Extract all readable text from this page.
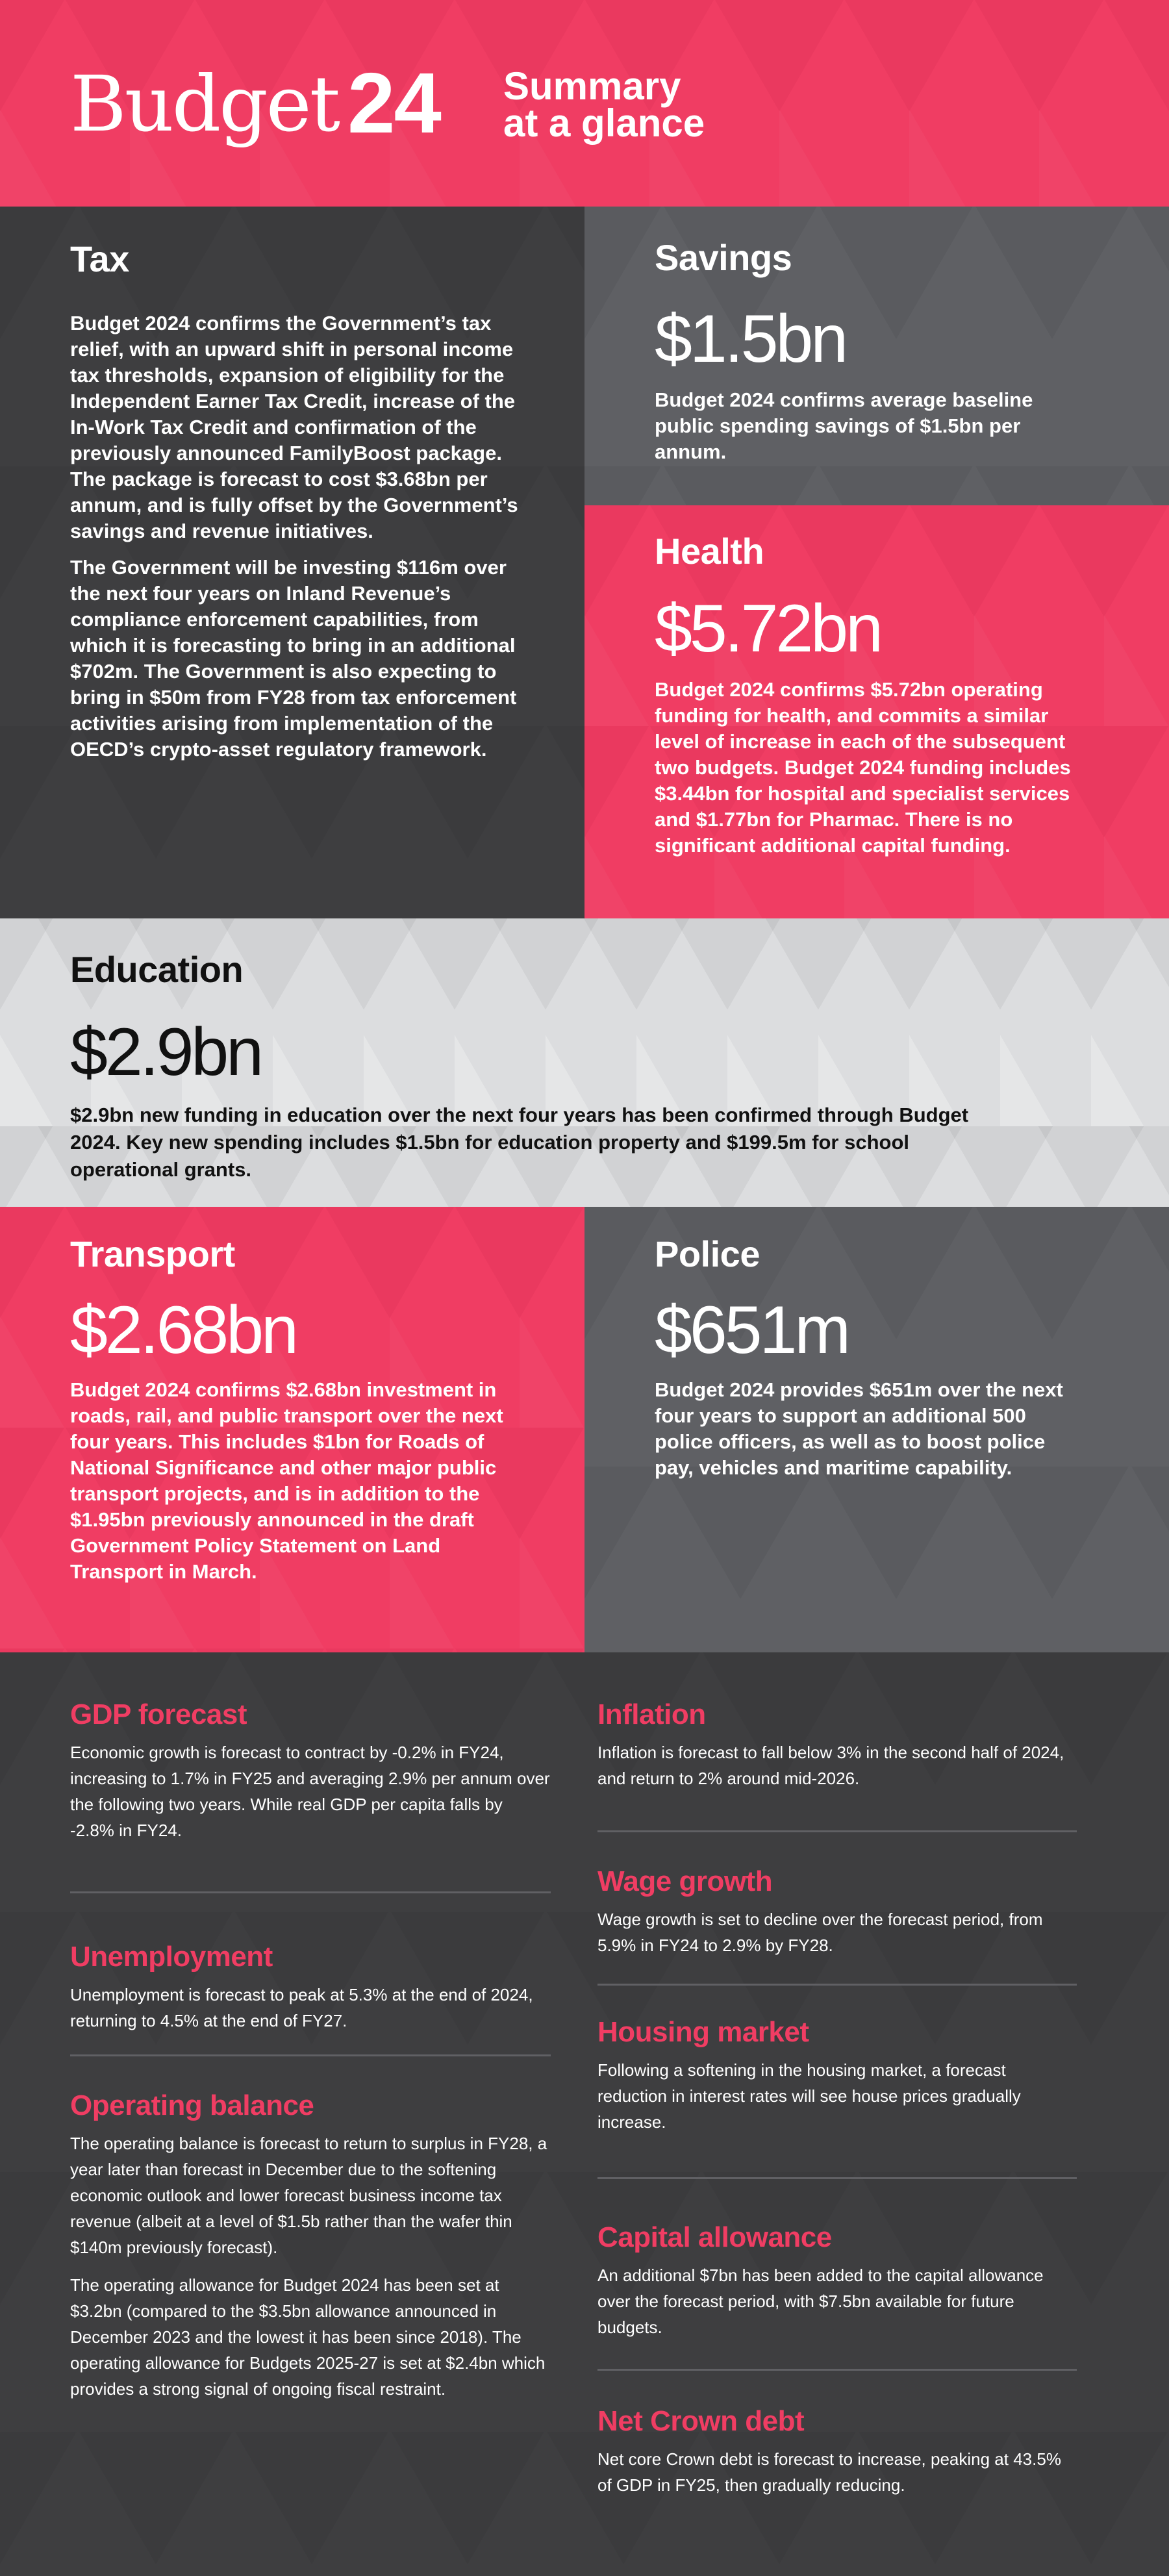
Budget 24 Summary
at a glance
Tax

Budget 2024 confirms the Government’s tax relief, with an upward shift in personal income tax thresholds, expansion of eligibility for the Independent Earner Tax Credit, increase of the In-Work Tax Credit and confirmation of the previously announced FamilyBoost package. The package is forecast to cost $3.68bn per annum, and is fully offset by the Government’s savings and revenue initiatives.

The Government will be investing $116m over the next four years on Inland Revenue’s compliance enforcement capabilities, from which it is forecasting to bring in an additional $702m. The Government is also expecting to bring in $50m from FY28 from tax enforcement activities arising from implementation of the OECD’s crypto-asset regulatory framework.

Savings
$1.5bn

Budget 2024 confirms average baseline public spending savings of $1.5bn per annum.

Health
$5.72bn

Budget 2024 confirms $5.72bn operating funding for health, and commits a similar level of increase in each of the subsequent two budgets. Budget 2024 funding includes $3.44bn for hospital and specialist services and $1.77bn for Pharmac. There is no significant additional capital funding.

Education
$2.9bn

$2.9bn new funding in education over the next four years has been confirmed through Budget 2024. Key new spending includes $1.5bn for education property and $199.5m for school operational grants.

Transport
$2.68bn

Budget 2024 confirms $2.68bn investment in roads, rail, and public transport over the next four years. This includes $1bn for Roads of National Significance and other major public transport projects, and is in addition to the $1.95bn previously announced in the draft Government Policy Statement on Land Transport in March.

Police
$651m

Budget 2024 provides $651m over the next four years to support an additional 500 police officers, as well as to boost police pay, vehicles and maritime capability.

GDP forecast

Economic growth is forecast to contract by -0.2% in FY24, increasing to 1.7% in FY25 and averaging 2.9% per annum over the following two years. While real GDP per capita falls by -2.8% in FY24.

Unemployment

Unemployment is forecast to peak at 5.3% at the end of 2024, returning to 4.5% at the end of FY27.

Operating balance

The operating balance is forecast to return to surplus in FY28, a year later than forecast in December due to the softening economic outlook and lower forecast business income tax revenue (albeit at a level of $1.5b rather than the wafer thin $140m previously forecast).

The operating allowance for Budget 2024 has been set at $3.2bn (compared to the $3.5bn allowance announced in December 2023 and the lowest it has been since 2018). The operating allowance for Budgets 2025-27 is set at $2.4bn which provides a strong signal of ongoing fiscal restraint.

Inflation

Inflation is forecast to fall below 3% in the second half of 2024, and return to 2% around mid-2026.

Wage growth

Wage growth is set to decline over the forecast period, from 5.9% in FY24 to 2.9% by FY28.

Housing market

Following a softening in the housing market, a forecast reduction in interest rates will see house prices gradually increase.

Capital allowance

An additional $7bn has been added to the capital allowance over the forecast period, with $7.5bn available for future budgets.

Net Crown debt

Net core Crown debt is forecast to increase, peaking at 43.5% of GDP in FY25, then gradually reducing.
